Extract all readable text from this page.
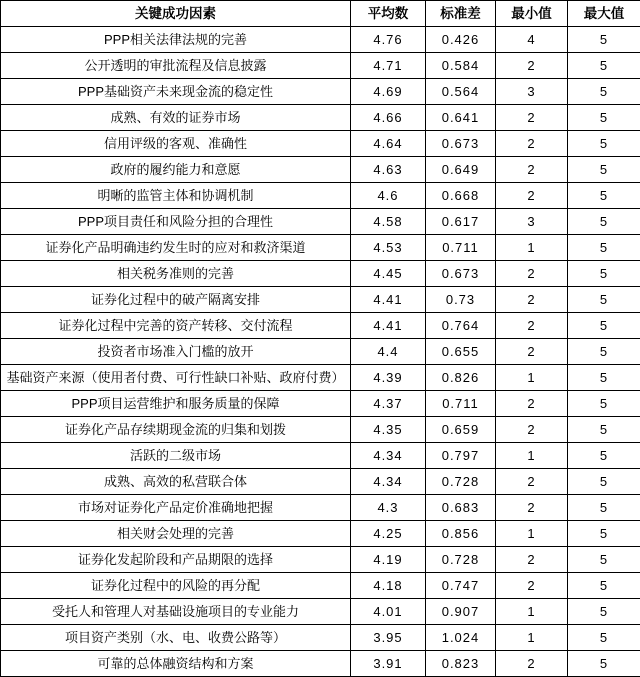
关键成功因素	平均数	标准差	最小值	最大值
PPP相关法律法规的完善	4.76	0.426	4	5
公开透明的审批流程及信息披露	4.71	0.584	2	5
PPP基础资产未来现金流的稳定性	4.69	0.564	3	5
成熟、有效的证券市场	4.66	0.641	2	5
信用评级的客观、准确性	4.64	0.673	2	5
政府的履约能力和意愿	4.63	0.649	2	5
明晰的监管主体和协调机制	4.6	0.668	2	5
PPP项目责任和风险分担的合理性	4.58	0.617	3	5
证券化产品明确违约发生时的应对和救济渠道	4.53	0.711	1	5
相关税务准则的完善	4.45	0.673	2	5
证券化过程中的破产隔离安排	4.41	0.73	2	5
证券化过程中完善的资产转移、交付流程	4.41	0.764	2	5
投资者市场准入门槛的放开	4.4	0.655	2	5
基础资产来源（使用者付费、可行性缺口补贴、政府付费）	4.39	0.826	1	5
PPP项目运营维护和服务质量的保障	4.37	0.711	2	5
证券化产品存续期现金流的归集和划拨	4.35	0.659	2	5
活跃的二级市场	4.34	0.797	1	5
成熟、高效的私营联合体	4.34	0.728	2	5
市场对证券化产品定价准确地把握	4.3	0.683	2	5
相关财会处理的完善	4.25	0.856	1	5
证券化发起阶段和产品期限的选择	4.19	0.728	2	5
证券化过程中的风险的再分配	4.18	0.747	2	5
受托人和管理人对基础设施项目的专业能力	4.01	0.907	1	5
项目资产类别（水、电、收费公路等）	3.95	1.024	1	5
可靠的总体融资结构和方案	3.91	0.823	2	5
